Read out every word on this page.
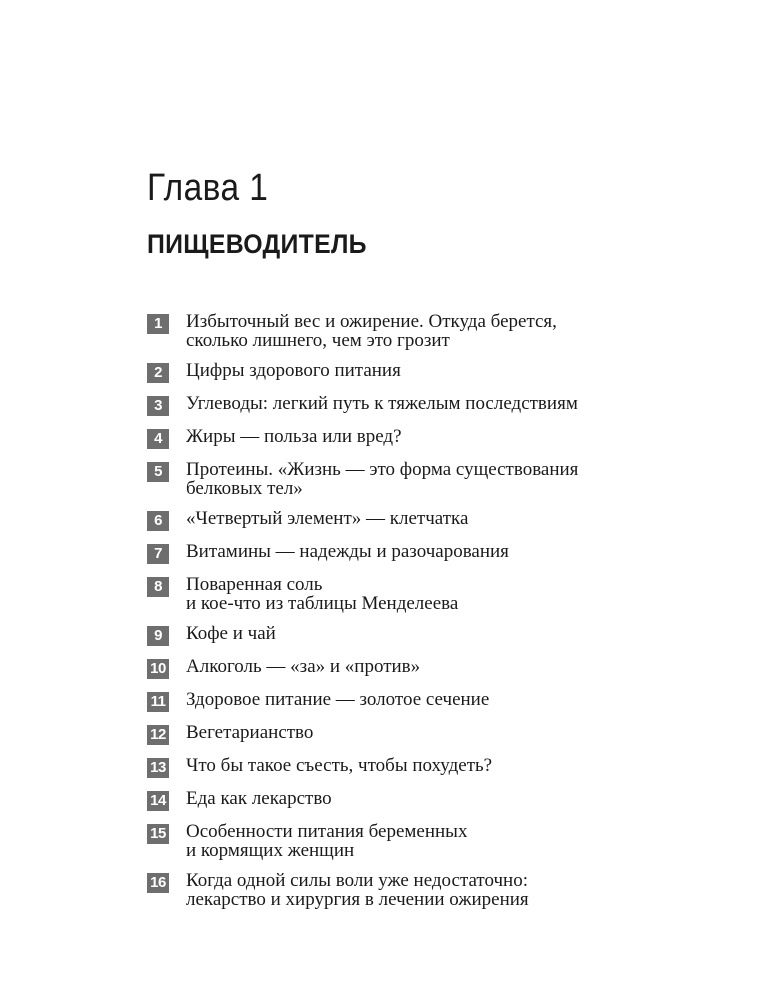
Глава 1
ПИЩЕВОДИТЕЛЬ
1	Избыточный вес и ожирение. Откуда берется,
сколько лишнего, чем это грозит
2	Цифры здорового питания
3	Углеводы: легкий путь к тяжелым последствиям
4	Жиры — польза или вред?
5	Протеины. «Жизнь — это форма существования
белковых тел»
6	«Четвертый элемент» — клетчатка
7	Витамины — надежды и разочарования
8	Поваренная соль
и кое-что из таблицы Менделеева
9	Кофе и чай
10 Алкоголь — «за» и «против»
11 Здоровое питание — золотое сечение
12 Вегетарианство
13 Что бы такое съесть, чтобы похудеть?
14 Еда как лекарство
15 Особенности питания беременных
и кормящих женщин
16 Когда одной силы воли уже недостаточно:
лекарство и хирургия в лечении ожирения
